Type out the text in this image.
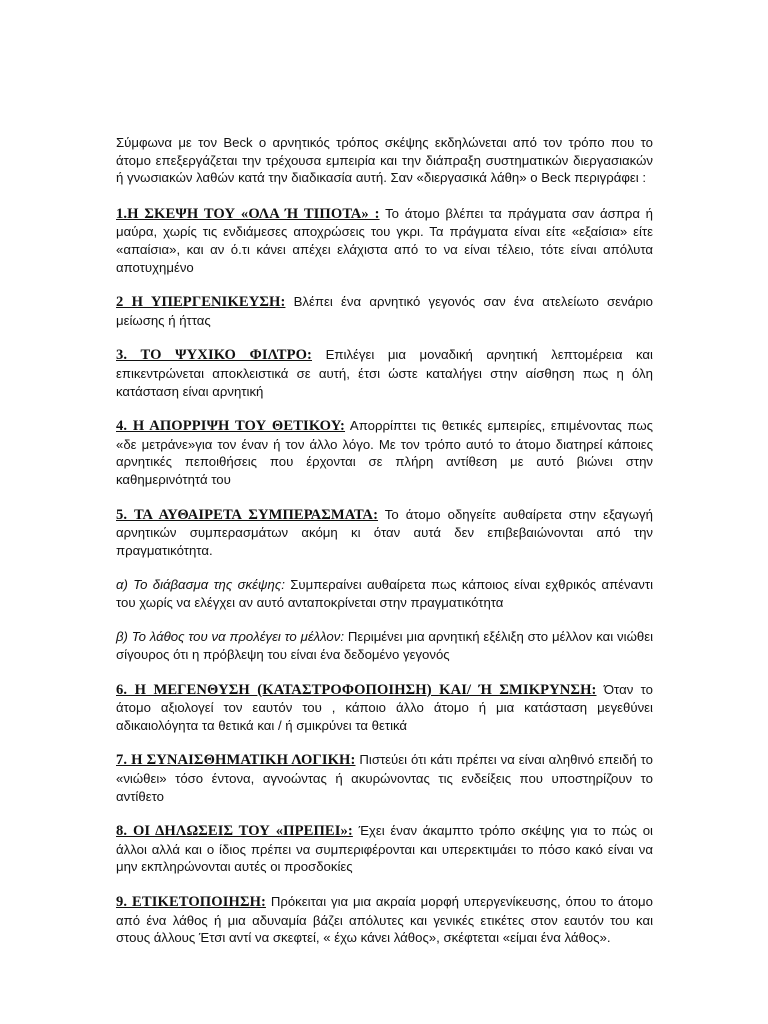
Σύμφωνα με τον Beck ο αρνητικός τρόπος σκέψης εκδηλώνεται από τον τρόπο που το άτομο επεξεργάζεται την τρέχουσα εμπειρία και την διάπραξη συστηματικών διεργασιακών ή γνωσιακών λαθών κατά την διαδικασία αυτή. Σαν «διεργασικά λάθη» ο Beck περιγράφει :

1.Η ΣΚΕΨΗ ΤΟΥ «ΟΛΑ Ή ΤΙΠΟΤΑ» : Το άτομο βλέπει τα πράγματα σαν άσπρα ή μαύρα, χωρίς τις ενδιάμεσες αποχρώσεις του γκρι. Τα πράγματα είναι είτε «εξαίσια» είτε «απαίσια», και αν ό.τι κάνει απέχει ελάχιστα από το να είναι τέλειο, τότε είναι απόλυτα αποτυχημένο

2 Η ΥΠΕΡΓΕΝΙΚΕΥΣΗ: Βλέπει ένα αρνητικό γεγονός σαν ένα ατελείωτο σενάριο μείωσης ή ήττας

3. ΤΟ ΨΥΧΙΚΟ ΦΙΛΤΡΟ: Επιλέγει μια μοναδική αρνητική λεπτομέρεια και επικεντρώνεται αποκλειστικά σε αυτή, έτσι ώστε καταλήγει στην αίσθηση πως η όλη κατάσταση είναι αρνητική

4. Η ΑΠΟΡΡΙΨΗ ΤΟΥ ΘΕΤΙΚΟΥ: Απορρίπτει τις θετικές εμπειρίες, επιμένοντας πως «δε μετράνε»για τον έναν ή τον άλλο λόγο. Με τον τρόπο αυτό το άτομο διατηρεί κάποιες αρνητικές πεποιθήσεις που έρχονται σε πλήρη αντίθεση με αυτό βιώνει στην καθημερινότητά του

5. ΤΑ ΑΥΘΑΙΡΕΤΑ ΣΥΜΠΕΡΑΣΜΑΤΑ: Το άτομο οδηγείτε αυθαίρετα στην εξαγωγή αρνητικών συμπερασμάτων ακόμη κι όταν αυτά δεν επιβεβαιώνονται από την πραγματικότητα.

α) Το διάβασμα της σκέψης: Συμπεραίνει αυθαίρετα πως κάποιος είναι εχθρικός απέναντι του χωρίς να ελέγχει αν αυτό ανταποκρίνεται στην πραγματικότητα

β) Το λάθος του να προλέγει το μέλλον: Περιμένει μια αρνητική εξέλιξη στο μέλλον και νιώθει σίγουρος ότι η πρόβλεψη του είναι ένα δεδομένο γεγονός

6. Η ΜΕΓΕΝΘΥΣΗ (ΚΑΤΑΣΤΡΟΦΟΠΟΙΗΣΗ) ΚΑΙ/ Ή ΣΜΙΚΡΥΝΣΗ: Όταν το άτομο αξιολογεί τον εαυτόν του , κάποιο άλλο άτομο ή μια κατάσταση μεγεθύνει αδικαιολόγητα τα θετικά και / ή σμικρύνει τα θετικά

7. Η ΣΥΝΑΙΣΘΗΜΑΤΙΚΗ ΛΟΓΙΚΗ: Πιστεύει ότι κάτι πρέπει να είναι αληθινό επειδή το «νιώθει» τόσο έντονα, αγνοώντας ή ακυρώνοντας τις ενδείξεις που υποστηρίζουν το αντίθετο

8. ΟΙ ΔΗΛΩΣΕΙΣ ΤΟΥ «ΠΡΕΠΕΙ»: Έχει έναν άκαμπτο τρόπο σκέψης για το πώς οι άλλοι αλλά και ο ίδιος πρέπει να συμπεριφέρονται και υπερεκτιμάει το πόσο κακό είναι να μην εκπληρώνονται αυτές οι προσδοκίες

9. ΕΤΙΚΕΤΟΠΟΙΗΣΗ: Πρόκειται για μια ακραία μορφή υπεργενίκευσης, όπου το άτομο από ένα λάθος ή μια αδυναμία βάζει απόλυτες και γενικές ετικέτες στον εαυτόν του και στους άλλους Έτσι αντί να σκεφτεί, « έχω κάνει λάθος», σκέφτεται «είμαι ένα λάθος».
